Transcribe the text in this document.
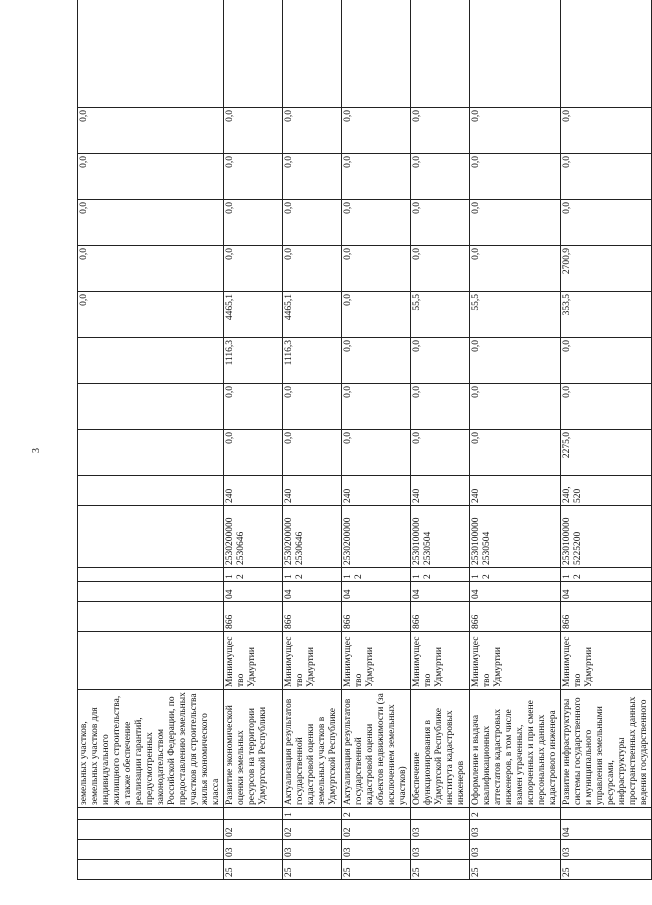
3
				земельных участков, земельных участков для индивидуального жилищного строительства, а также обеспечение реализации гарантий, предусмотренных законодательством Российской Федерации, по предоставлению земельных участков для строительства жилья экономического класса										0,0	0,0	0,0	0,0	0,0	
25	03	02		Развитие экономической оценки земельных ресурсов на территории Удмуртской Республики	Минимущество Удмуртии	866	04	12	2530200000 2530646	240	0,0	0,0	1116,3	4465,1	0,0	0,0	0,0	0,0	
25	03	02	1	Актуализация результатов государственной кадастровой оценки земельных участков в Удмуртской Республике	Минимущество Удмуртии	866	04	12	2530200000 2530646	240	0,0	0,0	1116,3	4465,1	0,0	0,0	0,0	0,0	
25	03	02	2	Актуализация результатов государственной кадастровой оценки объектов недвижимости (за исключением земельных участков)	Минимущество Удмуртии	866	04	12	2530200000	240	0,0	0,0	0,0	0,0	0,0	0,0	0,0	0,0	
25	03	03		Обеспечение функционирования в Удмуртской Республике института кадастровых инженеров	Минимущество Удмуртии	866	04	12	2530100000 2530504	240	0,0	0,0	0,0	55,5	0,0	0,0	0,0	0,0	
25	03	03	2	Оформление и выдача квалификационных аттестатов кадастровых инженеров, в том числе взамен утраченных, испорченных и при смене персональных данных кадастрового инженера	Минимущество Удмуртии	866	04	12	2530100000 2530504	240	0,0	0,0	0,0	55,5	0,0	0,0	0,0	0,0	
25	03	04		Развитие инфраструктуры системы государственного и муниципального управления земельными ресурсами, инфраструктуры пространственных данных ведения государственного	Минимущество Удмуртии	866	04	12	2530100000 5225200	240, 520	2275,0	0,0	0,0	353,5	2700,9	0,0	0,0	0,0	
